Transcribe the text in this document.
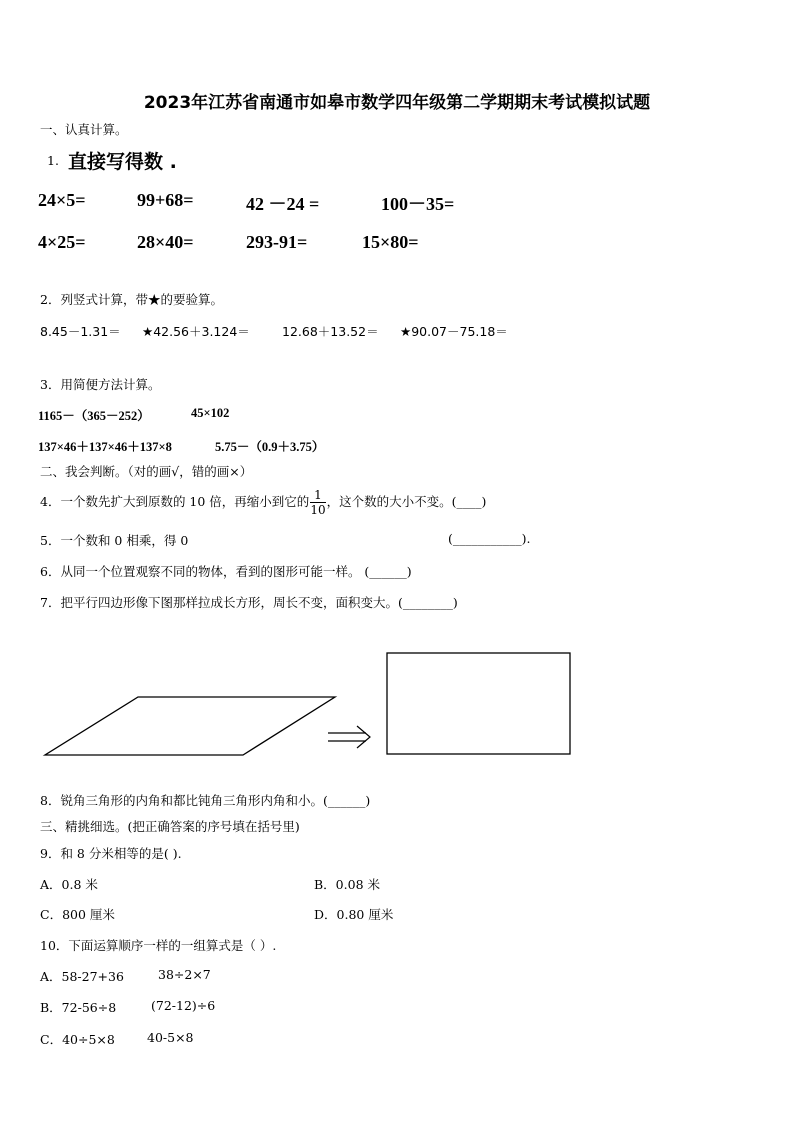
2023年江苏省南通市如皋市数学四年级第二学期期末考试模拟试题
一、认真计算。
1. 直接写得数 .
24×5=	99+68=	42 －24 =	100－35=
4×25=	28×40=	293-91=	15×80=
2．列竖式计算，带★的要验算。
8.45－1.31＝ ★42.56＋3.124＝	12.68＋13.52＝ ★90.07－75.18＝
3．用简便方法计算。
1165－（365－252）	45×102
137×46＋137×46＋137×8	5.75－（0.9＋3.75）
二、我会判断。（对的画√，错的画×）
4．一个数先扩大到原数的 10 倍，再缩小到它的 $\frac{1}{10}$ ，这个数的大小不变。(____)
5．一个数和 0 相乘，得 0	(___________).
6．从同一个位置观察不同的物体，看到的图形可能一样。 (______)
7．把平行四边形像下图那样拉成长方形，周长不变，面积变大。(________)
8．锐角三角形的内角和都比钝角三角形内角和小。(______)
三、精挑细选。(把正确答案的序号填在括号里)
9．和 8 分米相等的是( ).
A．0.8 米	B．0.08 米
C．800 厘米	D．0.80 厘米
10．下面运算顺序一样的一组算式是（ ）.
A．58-27+36	38÷2×7
B．72-56÷8	(72-12)÷6
C．40÷5×8	40-5×8
